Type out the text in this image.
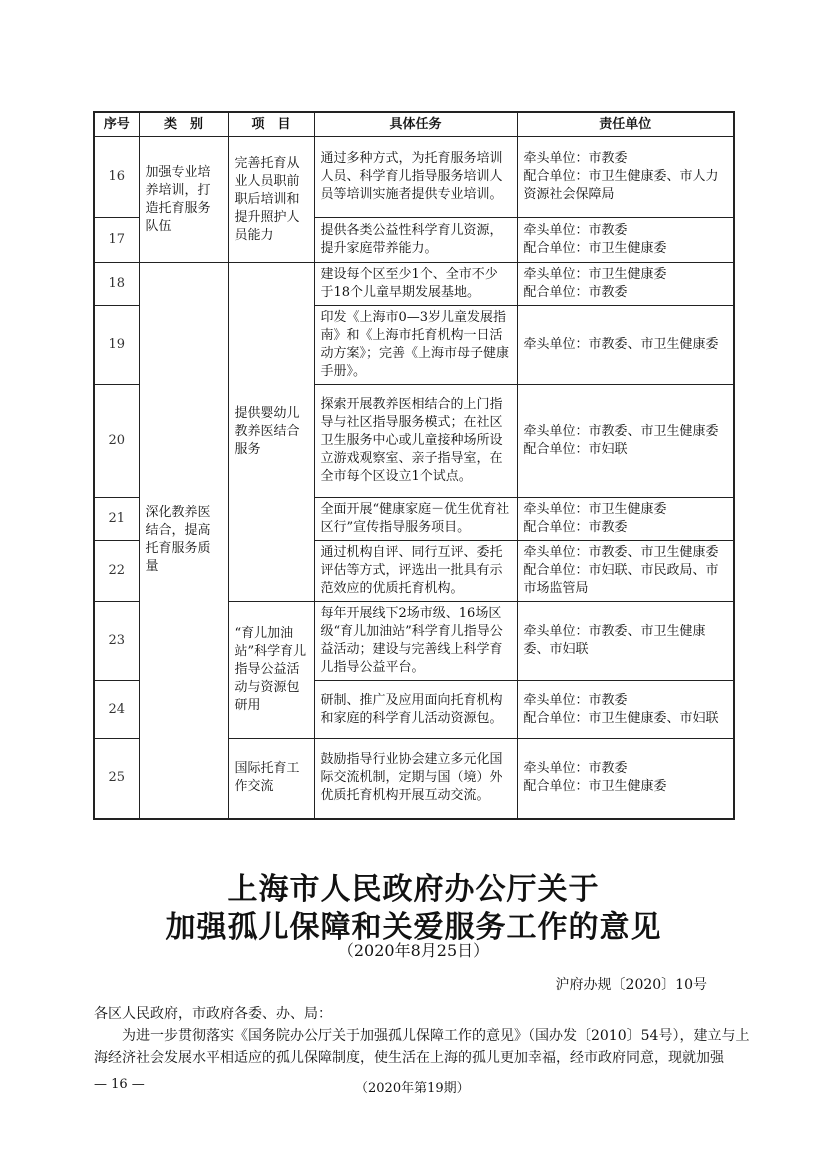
序号	类　别	项　目	具体任务	责任单位
16	加强专业培养培训，打造托育服务队伍	完善托育从业人员职前职后培训和提升照护人员能力	通过多种方式，为托育服务培训人员、科学育儿指导服务培训人员等培训实施者提供专业培训。	牵头单位：市教委
配合单位：市卫生健康委、市人力资源社会保障局

17			提供各类公益性科学育儿资源，提升家庭带养能力。	牵头单位：市教委
配合单位：市卫生健康委

18	深化教养医结合，提高托育服务质量	提供婴幼儿教养医结合服务	建设每个区至少1个、全市不少于18个儿童早期发展基地。	牵头单位：市卫生健康委
配合单位：市教委

19			印发《上海市0—3岁儿童发展指南》和《上海市托育机构一日活动方案》；完善《上海市母子健康手册》。	牵头单位：市教委、市卫生健康委

20			探索开展教养医相结合的上门指导与社区指导服务模式；在社区卫生服务中心或儿童接种场所设立游戏观察室、亲子指导室，在全市每个区设立1个试点。	牵头单位：市教委、市卫生健康委
配合单位：市妇联

21			全面开展“健康家庭－优生优育社区行”宣传指导服务项目。	牵头单位：市卫生健康委
配合单位：市教委

22			通过机构自评、同行互评、委托评估等方式，评选出一批具有示范效应的优质托育机构。	牵头单位：市教委、市卫生健康委
配合单位：市妇联、市民政局、市市场监管局

23		“育儿加油站”科学育儿指导公益活动与资源包研用	每年开展线下2场市级、16场区级“育儿加油站”科学育儿指导公益活动；建设与完善线上科学育儿指导公益平台。	牵头单位：市教委、市卫生健康委、市妇联

24			研制、推广及应用面向托育机构和家庭的科学育儿活动资源包。	牵头单位：市教委
配合单位：市卫生健康委、市妇联

25		国际托育工作交流	鼓励指导行业协会建立多元化国际交流机制，定期与国（境）外优质托育机构开展互动交流。	牵头单位：市教委
配合单位：市卫生健康委
上海市人民政府办公厅关于
加强孤儿保障和关爱服务工作的意见
（2020年8月25日）
沪府办规〔2020〕10号
各区人民政府，市政府各委、办、局：
为进一步贯彻落实《国务院办公厅关于加强孤儿保障工作的意见》（国办发〔2010〕54号），建立与上
海经济社会发展水平相适应的孤儿保障制度，使生活在上海的孤儿更加幸福，经市政府同意，现就加强
— 16 —	（2020年第19期）
